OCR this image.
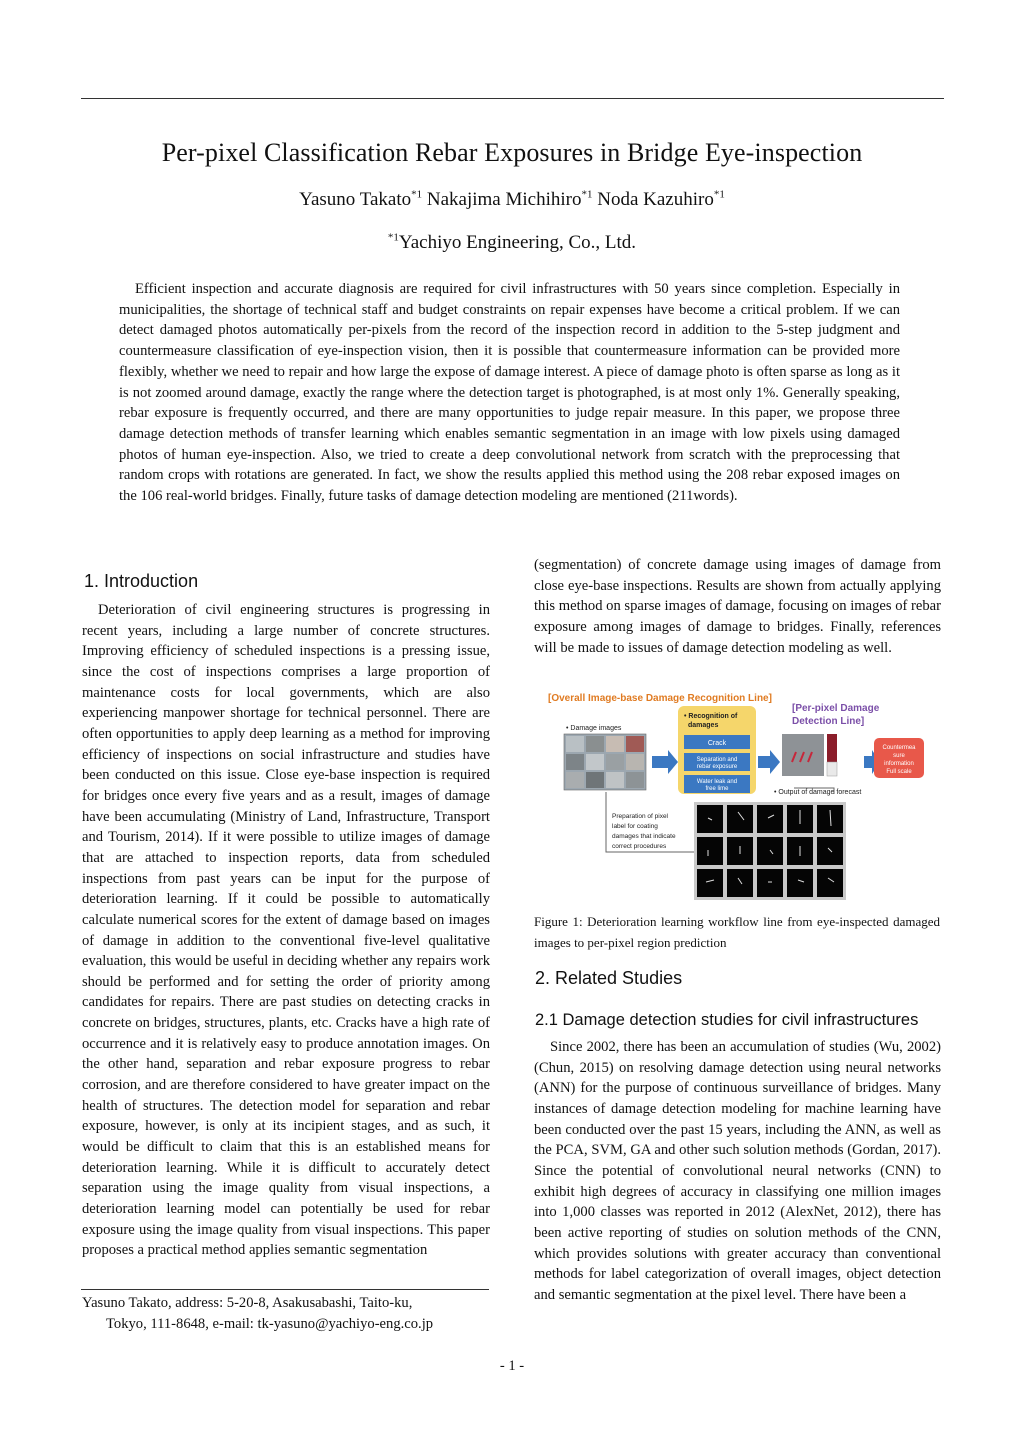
Per-pixel Classification Rebar Exposures in Bridge Eye-inspection
Yasuno Takato$^{*1}$ Nakajima Michihiro$^{*1}$ Noda Kazuhiro$^{*1}$
$^{*1}$Yachiyo Engineering, Co., Ltd.

Efficient inspection and accurate diagnosis are required for civil infrastructures with 50 years since completion. Especially in municipalities, the shortage of technical staff and budget constraints on repair expenses have become a critical problem. If we can detect damaged photos automatically per-pixels from the record of the inspection record in addition to the 5-step judgment and countermeasure classification of eye-inspection vision, then it is possible that countermeasure information can be provided more flexibly, whether we need to repair and how large the expose of damage interest. A piece of damage photo is often sparse as long as it is not zoomed around damage, exactly the range where the detection target is photographed, is at most only 1%. Generally speaking, rebar exposure is frequently occurred, and there are many opportunities to judge repair measure. In this paper, we propose three damage detection methods of transfer learning which enables semantic segmentation in an image with low pixels using damaged photos of human eye-inspection. Also, we tried to create a deep convolutional network from scratch with the preprocessing that random crops with rotations are generated. In fact, we show the results applied this method using the 208 rebar exposed images on the 106 real-world bridges. Finally, future tasks of damage detection modeling are mentioned (211words).

1. Introduction

Deterioration of civil engineering structures is progressing in recent years, including a large number of concrete structures. Improving efficiency of scheduled inspections is a pressing issue, since the cost of inspections comprises a large proportion of maintenance costs for local governments, which are also experiencing manpower shortage for technical personnel. There are often opportunities to apply deep learning as a method for improving efficiency of inspections on social infrastructure and studies have been conducted on this issue. Close eye-base inspection is required for bridges once every five years and as a result, images of damage have been accumulating (Ministry of Land, Infrastructure, Transport and Tourism, 2014). If it were possible to utilize images of damage that are attached to inspection reports, data from scheduled inspections from past years can be input for the purpose of deterioration learning. If it could be possible to automatically calculate numerical scores for the extent of damage based on images of damage in addition to the conventional five-level qualitative evaluation, this would be useful in deciding whether any repairs work should be performed and for setting the order of priority among candidates for repairs. There are past studies on detecting cracks in concrete on bridges, structures, plants, etc. Cracks have a high rate of occurrence and it is relatively easy to produce annotation images. On the other hand, separation and rebar exposure progress to rebar corrosion, and are therefore considered to have greater impact on the health of structures. The detection model for separation and rebar exposure, however, is only at its incipient stages, and as such, it would be difficult to claim that this is an established means for deterioration learning. While it is difficult to accurately detect separation using the image quality from visual inspections, a deterioration learning model can potentially be used for rebar exposure using the image quality from visual inspections. This paper proposes a practical method applies semantic segmentation

Yasuno Takato, address: 5-20-8, Asakusabashi, Taito-ku,
Tokyo, 111-8648, e-mail: tk-yasuno@yachiyo-eng.co.jp

(segmentation) of concrete damage using images of damage from close eye-base inspections. Results are shown from actually applying this method on sparse images of damage, focusing on images of rebar exposure among images of damage to bridges. Finally, references will be made to issues of damage detection modeling as well.

[Overall Image-base Damage Recognition Line]
[Per-pixel Damage
Detection Line]
• Damage images
• Recognition of
damages
Crack
Separation and
rebar exposure
Water leak and
free lime
Countermea
sure
information
Full scale
• Output of damage forecast
Preparation of pixel
label for coating
damages that indicate
correct procedures

Figure 1: Deterioration learning workflow line from eye-inspected damaged images to per-pixel region prediction

2. Related Studies
2.1 Damage detection studies for civil infrastructures

Since 2002, there has been an accumulation of studies (Wu, 2002) (Chun, 2015) on resolving damage detection using neural networks (ANN) for the purpose of continuous surveillance of bridges. Many instances of damage detection modeling for machine learning have been conducted over the past 15 years, including the ANN, as well as the PCA, SVM, GA and other such solution methods (Gordan, 2017). Since the potential of convolutional neural networks (CNN) to exhibit high degrees of accuracy in classifying one million images into 1,000 classes was reported in 2012 (AlexNet, 2012), there has been active reporting of studies on solution methods of the CNN, which provides solutions with greater accuracy than conventional methods for label categorization of overall images, object detection and semantic segmentation at the pixel level. There have been a

- 1 -
